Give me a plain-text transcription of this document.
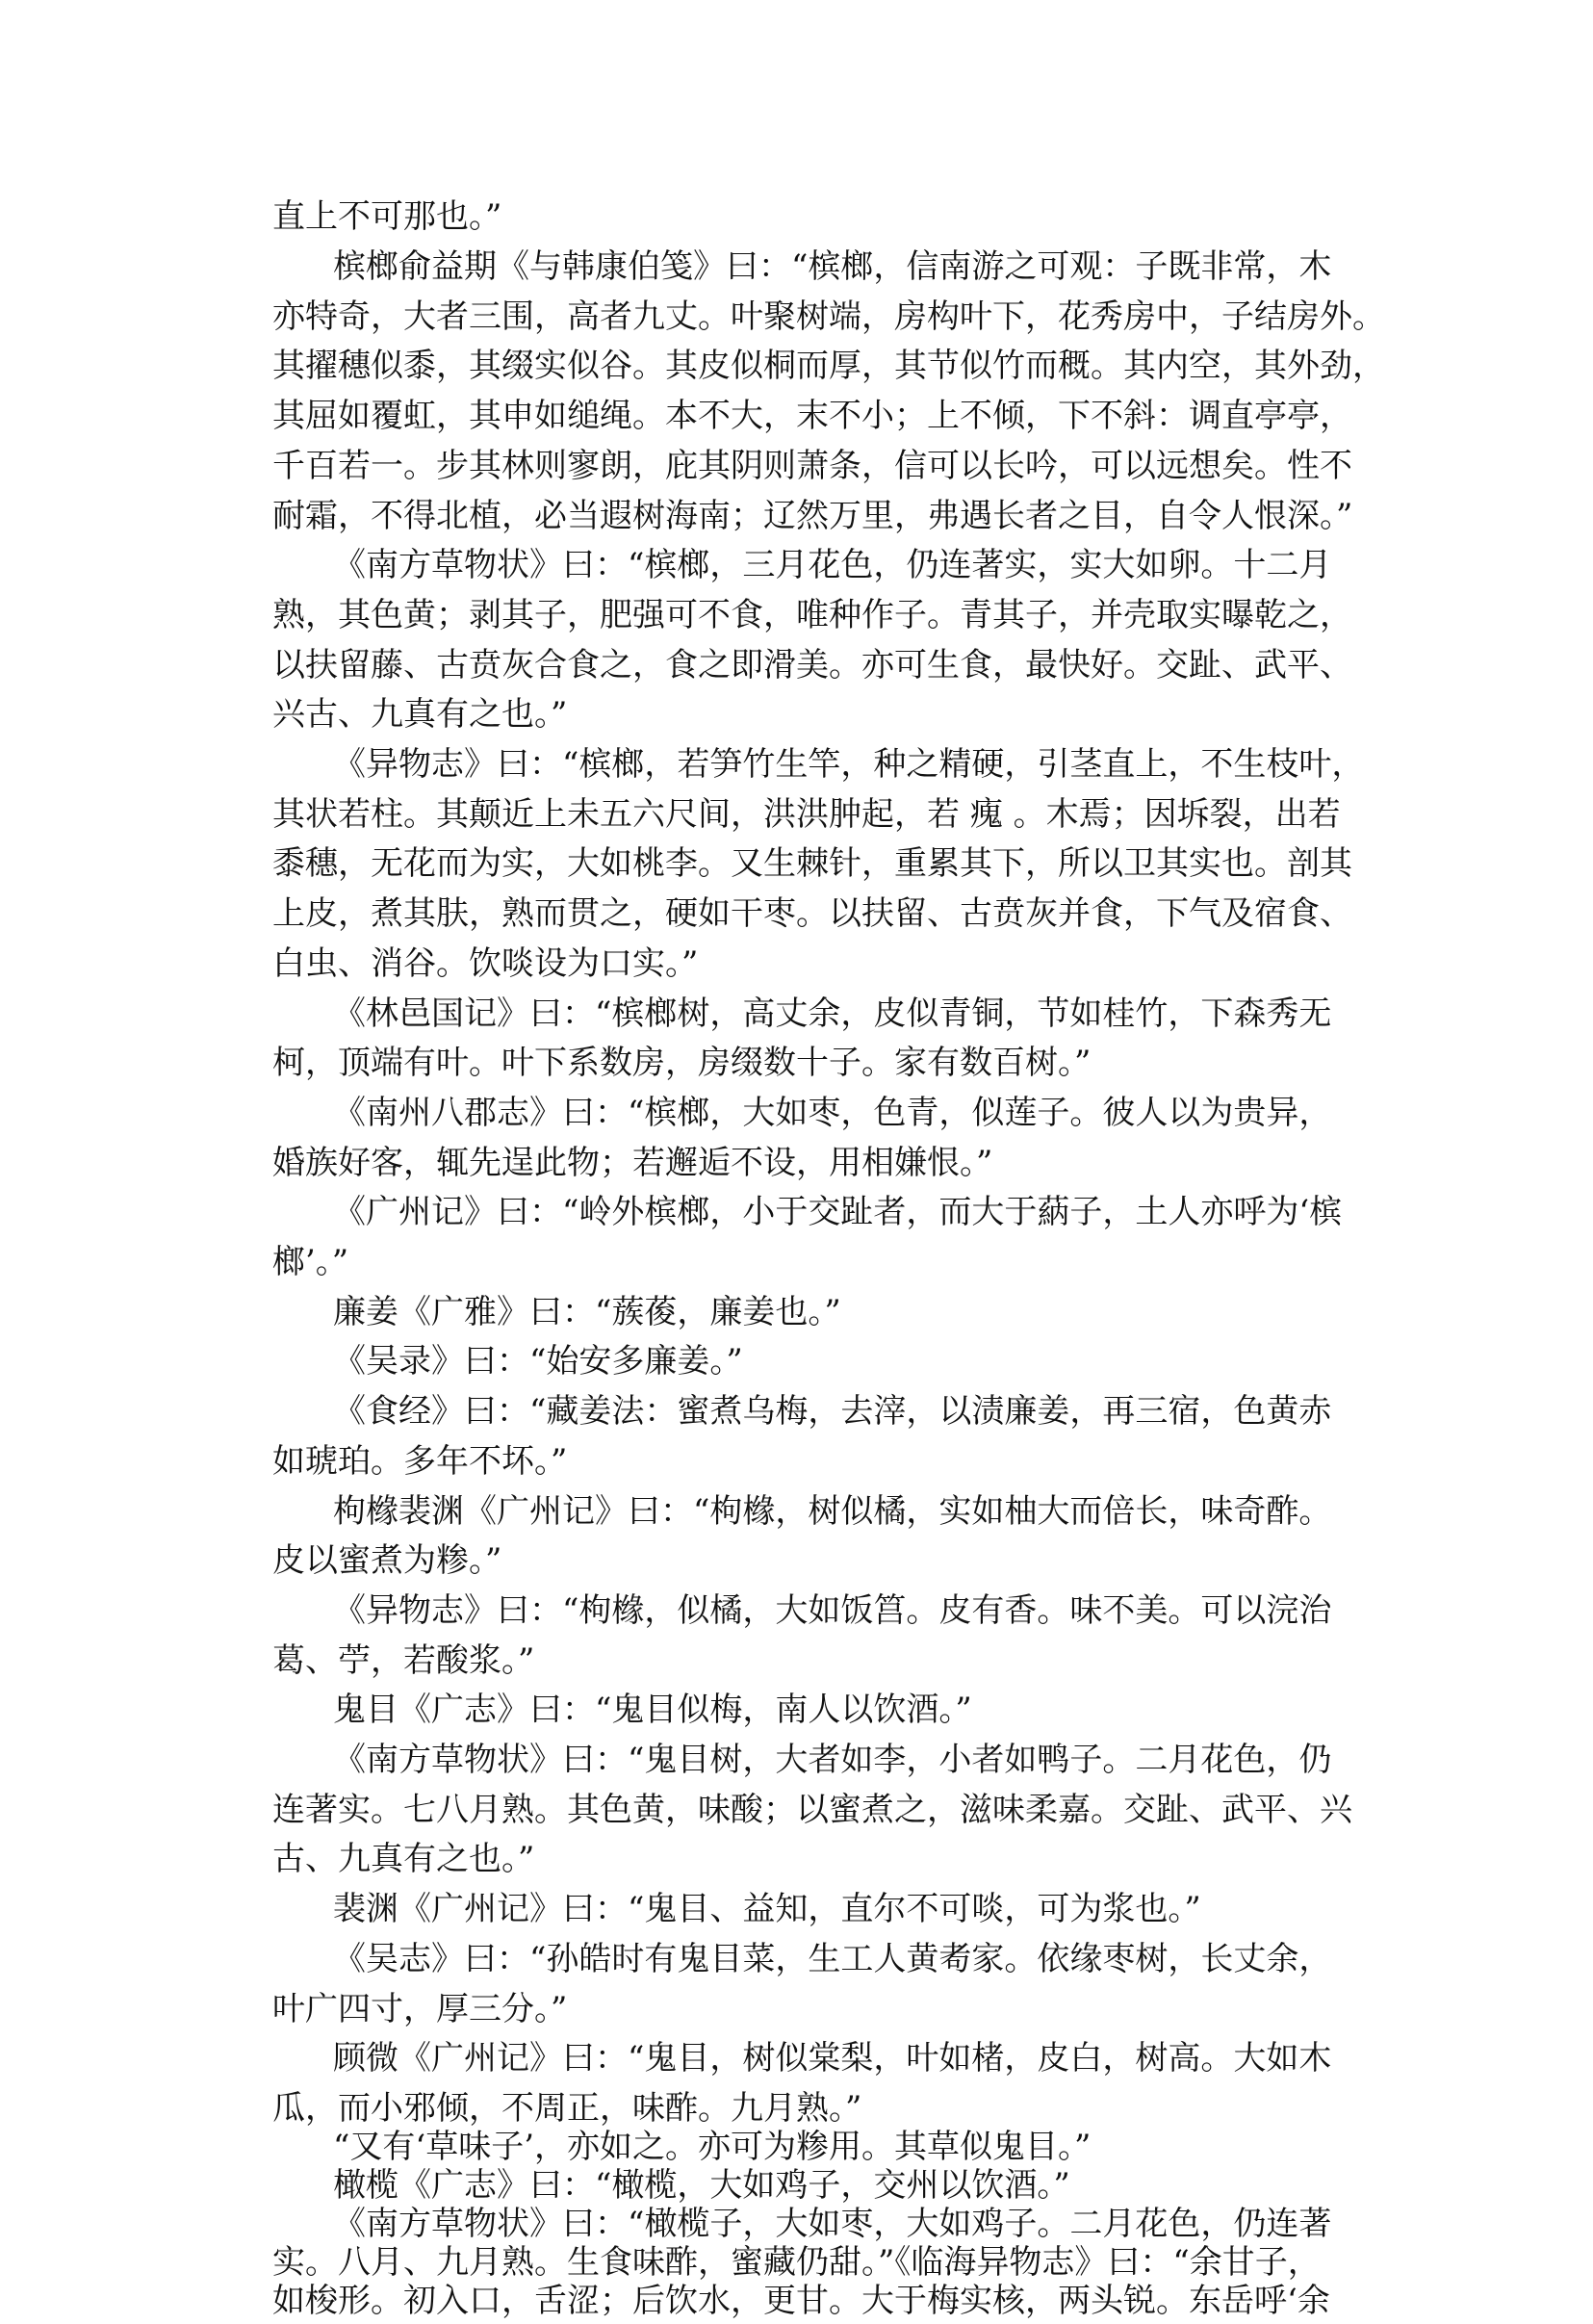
直上不可那也。”
槟榔俞益期《与韩康伯笺》曰：“槟榔，信南游之可观：子既非常，木
亦特奇，大者三围，高者九丈。叶聚树端，房构叶下，花秀房中，子结房外。
其擢穗似黍，其缀实似谷。其皮似桐而厚，其节似竹而穊。其内空，其外劲，
其屈如覆虹，其申如缒绳。本不大，末不小；上不倾，下不斜：调直亭亭，
千百若一。步其林则寥朗，庇其阴则萧条，信可以长吟，可以远想矣。性不
耐霜，不得北植，必当遐树海南；辽然万里，弗遇长者之目，自令人恨深。”
《南方草物状》曰：“槟榔，三月花色，仍连著实，实大如卵。十二月
熟，其色黄；剥其子，肥强可不食，唯种作子。青其子，并壳取实曝乾之，
以扶留藤、古贲灰合食之，食之即滑美。亦可生食，最快好。交趾、武平、
兴古、九真有之也。”
《异物志》曰：“槟榔，若笋竹生竿，种之精硬，引茎直上，不生枝叶，
其状若柱。其颠近上未五六尺间，洪洪肿起，若 瘣 。木焉；因坼裂，出若
黍穗，无花而为实，大如桃李。又生棘针，重累其下，所以卫其实也。剖其
上皮，煮其肤，熟而贯之，硬如干枣。以扶留、古贲灰并食，下气及宿食、
白虫、消谷。饮啖设为口实。”
《林邑国记》曰：“槟榔树，高丈余，皮似青铜，节如桂竹，下森秀无
柯，顶端有叶。叶下系数房，房缀数十子。家有数百树。”
《南州八郡志》曰：“槟榔，大如枣，色青，似莲子。彼人以为贵异，
婚族好客，辄先逞此物；若邂逅不设，用相嫌恨。”
《广州记》曰：“岭外槟榔，小于交趾者，而大于蒳子，土人亦呼为‘槟
榔’。”
廉姜《广雅》曰：“蔟葰，廉姜也。”
《吴录》曰：“始安多廉姜。”
《食经》曰：“藏姜法：蜜煮乌梅，去滓，以渍廉姜，再三宿，色黄赤
如琥珀。多年不坏。”
枸橼裴渊《广州记》曰：“枸橼，树似橘，实如柚大而倍长，味奇酢。
皮以蜜煮为糁。”
《异物志》曰：“枸橼，似橘，大如饭筥。皮有香。味不美。可以浣治
葛、苧，若酸浆。”
鬼目《广志》曰：“鬼目似梅，南人以饮酒。”
《南方草物状》曰：“鬼目树，大者如李，小者如鸭子。二月花色，仍
连著实。七八月熟。其色黄，味酸；以蜜煮之，滋味柔嘉。交趾、武平、兴
古、九真有之也。”
裴渊《广州记》曰：“鬼目、益知，直尔不可啖，可为浆也。”
《吴志》曰：“孙皓时有鬼目菜，生工人黄耇家。依缘枣树，长丈余，
叶广四寸，厚三分。”
顾微《广州记》曰：“鬼目，树似棠梨，叶如楮，皮白，树高。大如木
瓜，而小邪倾，不周正，味酢。九月熟。”
“又有‘草味子’，亦如之。亦可为糁用。其草似鬼目。”
橄榄《广志》曰：“橄榄，大如鸡子，交州以饮酒。”
《南方草物状》曰：“橄榄子，大如枣，大如鸡子。二月花色，仍连著
实。八月、九月熟。生食味酢，蜜藏仍甜。”《临海异物志》曰：“余甘子，
如梭形。初入口，舌涩；后饮水，更甘。大于梅实核，两头锐。东岳呼‘余
